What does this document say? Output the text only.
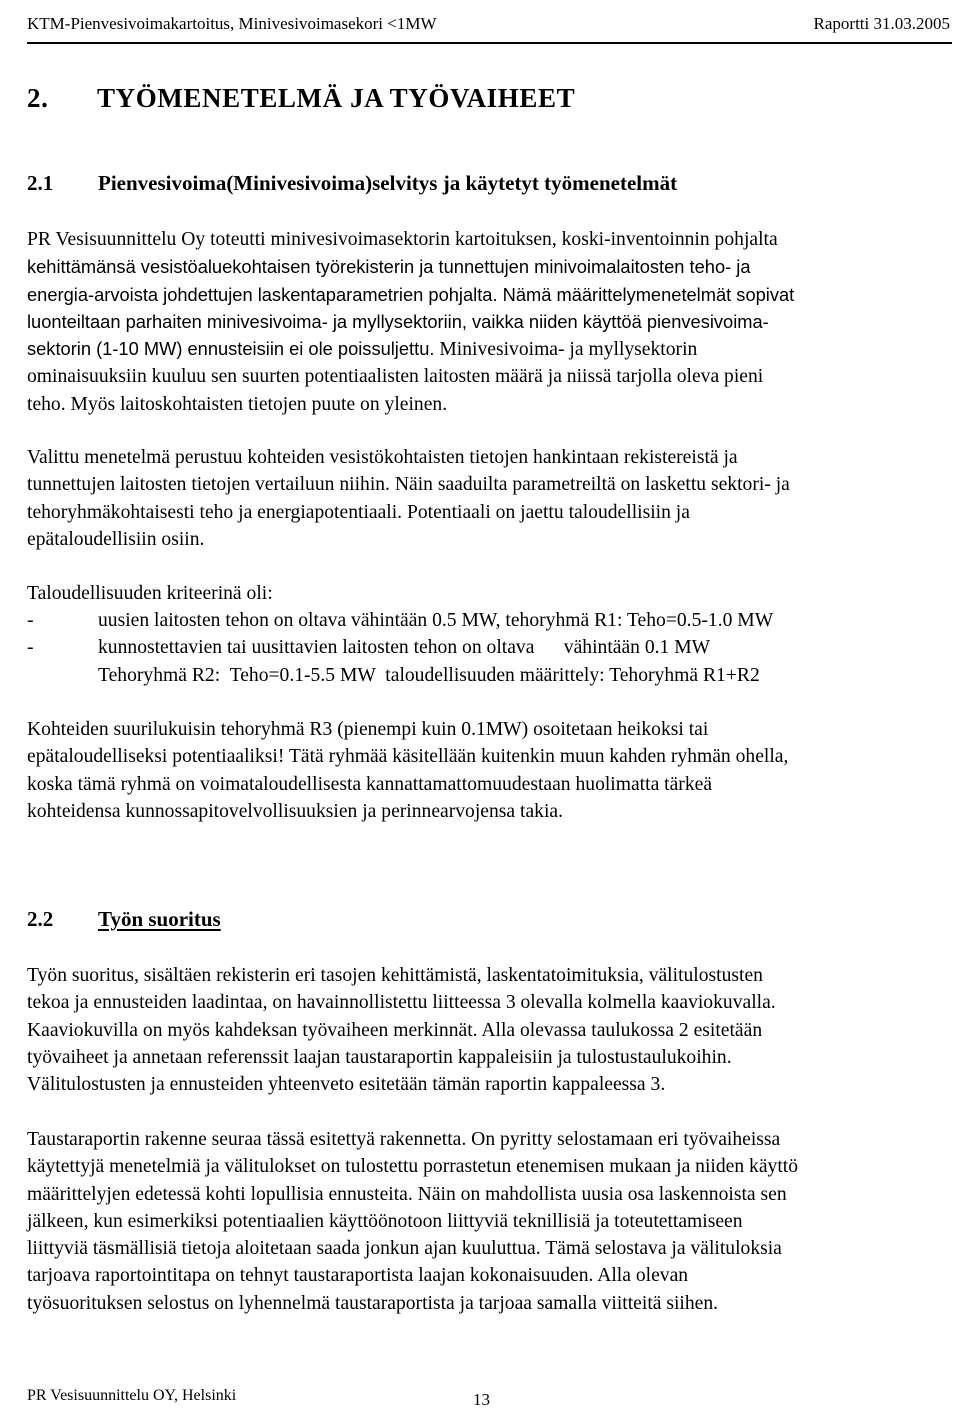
KTM-Pienvesivoimakartoitus, Minivesivoimasekori <1MW	Raportti 31.03.2005
2. TYÖMENETELMÄ JA TYÖVAIHEET
2.1 Pienvesivoima(Minivesivoima)selvitys ja käytetyt työmenetelmät

PR Vesisuunnittelu Oy toteutti minivesivoimasektorin kartoituksen, koski-inventoinnin pohjalta
kehittämänsä vesistöaluekohtaisen työrekisterin ja tunnettujen minivoimalaitosten teho- ja
energia-arvoista johdettujen laskentaparametrien pohjalta. Nämä määrittelymenetelmät sopivat
luonteiltaan parhaiten minivesivoima- ja myllysektoriin, vaikka niiden käyttöä pienvesivoima-
sektorin (1-10 MW) ennusteisiin ei ole poissuljettu. Minivesivoima- ja myllysektorin
ominaisuuksiin kuuluu sen suurten potentiaalisten laitosten määrä ja niissä tarjolla oleva pieni
teho. Myös laitoskohtaisten tietojen puute on yleinen.

Valittu menetelmä perustuu kohteiden vesistökohtaisten tietojen hankintaan rekistereistä ja
tunnettujen laitosten tietojen vertailuun niihin. Näin saaduilta parametreiltä on laskettu sektori- ja
tehoryhmäkohtaisesti teho ja energiapotentiaali. Potentiaali on jaettu taloudellisiin ja
epätaloudellisiin osiin.

Taloudellisuuden kriteerinä oli:

-	uusien laitosten tehon on oltava vähintään 0.5 MW, tehoryhmä R1: Teho=0.5-1.0 MW
-	kunnostettavien tai uusittavien laitosten tehon on oltava      vähintään 0.1 MW
Tehoryhmä R2:  Teho=0.1-5.5 MW  taloudellisuuden määrittely: Tehoryhmä R1+R2

Kohteiden suurilukuisin tehoryhmä R3 (pienempi kuin 0.1MW) osoitetaan heikoksi tai
epätaloudelliseksi potentiaaliksi! Tätä ryhmää käsitellään kuitenkin muun kahden ryhmän ohella,
koska tämä ryhmä on voimataloudellisesta kannattamattomuudestaan huolimatta tärkeä
kohteidensa kunnossapitovelvollisuuksien ja perinnearvojensa takia.

2.2 Työn suoritus

Työn suoritus, sisältäen rekisterin eri tasojen kehittämistä, laskentatoimituksia, välitulostusten
tekoa ja ennusteiden laadintaa, on havainnollistettu liitteessa 3 olevalla kolmella kaaviokuvalla.
Kaaviokuvilla on myös kahdeksan työvaiheen merkinnät. Alla olevassa taulukossa 2 esitetään
työvaiheet ja annetaan referenssit laajan taustaraportin kappaleisiin ja tulostustaulukoihin.
Välitulostusten ja ennusteiden yhteenveto esitetään tämän raportin kappaleessa 3.

Taustaraportin rakenne seuraa tässä esitettyä rakennetta. On pyritty selostamaan eri työvaiheissa
käytettyjä menetelmiä ja välitulokset on tulostettu porrastetun etenemisen mukaan ja niiden käyttö
määrittelyjen edetessä kohti lopullisia ennusteita. Näin on mahdollista uusia osa laskennoista sen
jälkeen, kun esimerkiksi potentiaalien käyttöönotoon liittyviä teknillisiä ja toteutettamiseen
liittyviä täsmällisiä tietoja aloitetaan saada jonkun ajan kuuluttua. Tämä selostava ja välituloksia
tarjoava raportointitapa on tehnyt taustaraportista laajan kokonaisuuden. Alla olevan
työsuorituksen selostus on lyhennelmä taustaraportista ja tarjoaa samalla viitteitä siihen.

PR Vesisuunnittelu OY, Helsinki	13
